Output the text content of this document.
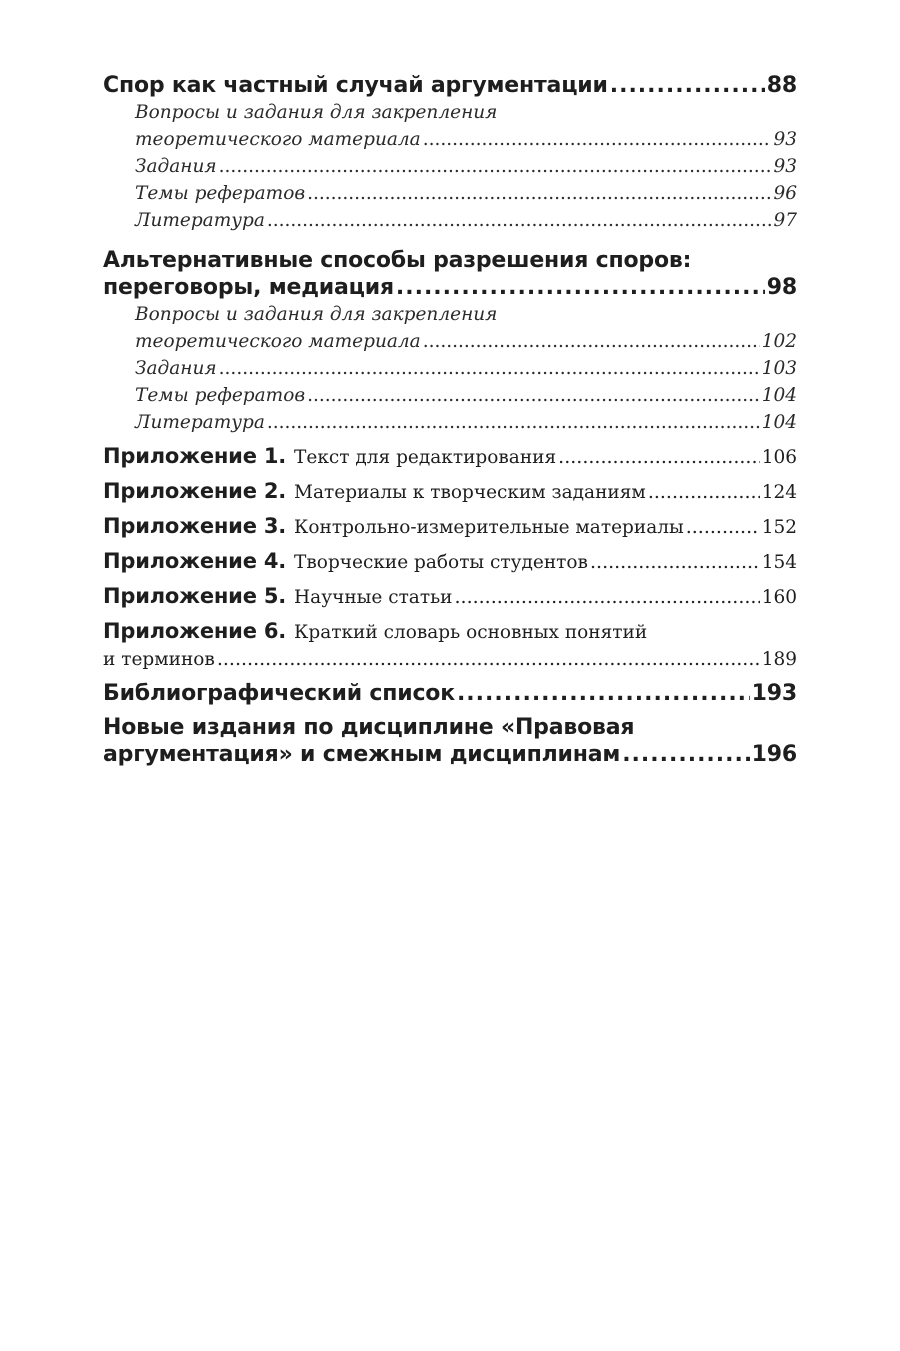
Спор как частный случай аргументации .....	88
Вопросы и задания для закрепления
теоретического материала .....	93
Задания .....	93
Темы рефератов .....	96
Литература .....	97
Альтернативные способы разрешения споров:
переговоры, медиация .....	98
Вопросы и задания для закрепления
теоретического материала .....	102
Задания .....	103
Темы рефератов .....	104
Литература .....	104
Приложение 1. Текст для редактирования .....	106
Приложение 2. Материалы к творческим заданиям .....	124
Приложение 3. Контрольно-измерительные материалы .....	152
Приложение 4. Творческие работы студентов .....	154
Приложение 5. Научные статьи .....	160
Приложение 6. Краткий словарь основных понятий
и терминов .....	189
Библиографический список .....	193
Новые издания по дисциплине «Правовая
аргументация» и смежным дисциплинам .....	196
